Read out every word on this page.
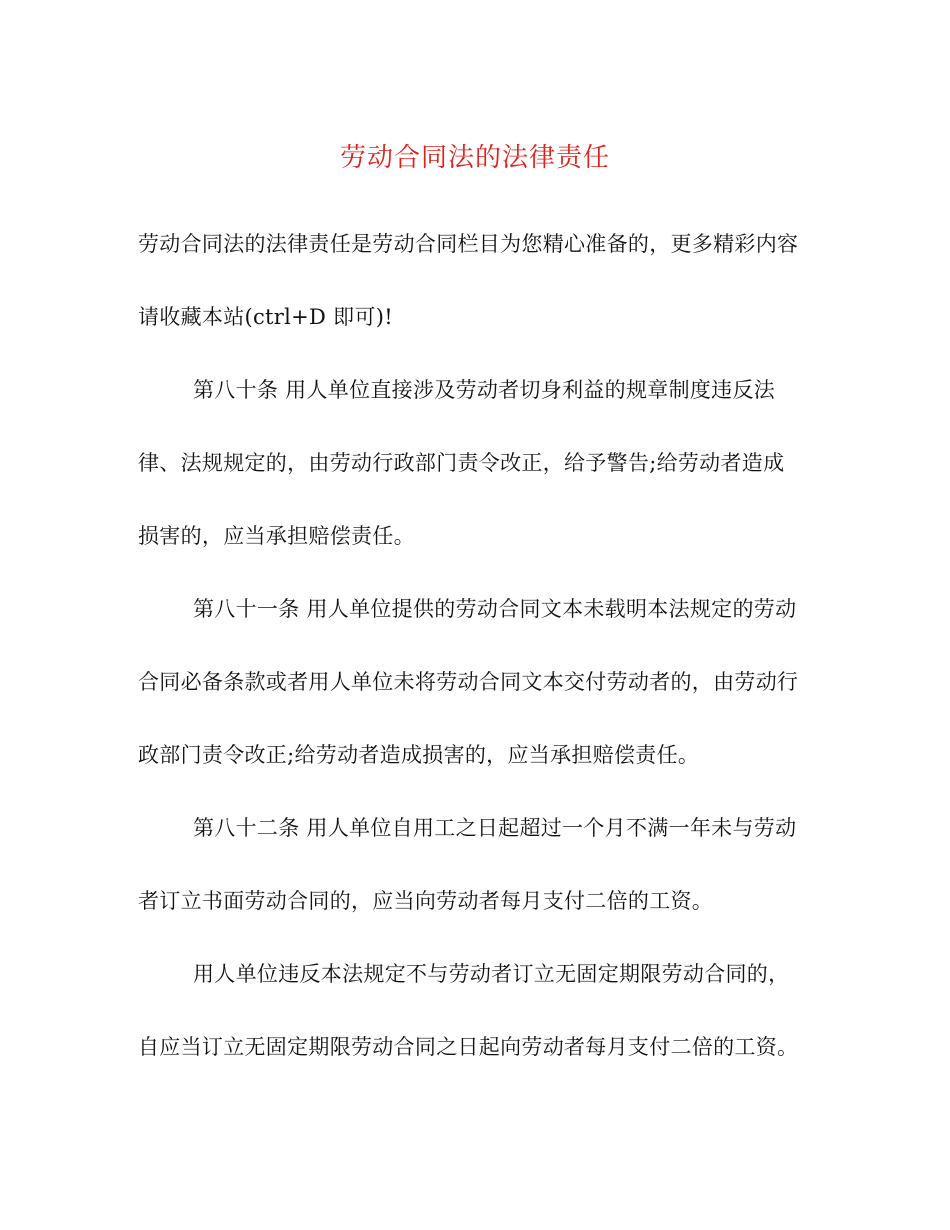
劳动合同法的法律责任
劳动合同法的法律责任是劳动合同栏目为您精心准备的，更多精彩内容
请收藏本站(ctrl+D 即可)!
第八十条 用人单位直接涉及劳动者切身利益的规章制度违反法
律、法规规定的，由劳动行政部门责令改正，给予警告;给劳动者造成
损害的，应当承担赔偿责任。
第八十一条 用人单位提供的劳动合同文本未载明本法规定的劳动
合同必备条款或者用人单位未将劳动合同文本交付劳动者的，由劳动行
政部门责令改正;给劳动者造成损害的，应当承担赔偿责任。
第八十二条 用人单位自用工之日起超过一个月不满一年未与劳动
者订立书面劳动合同的，应当向劳动者每月支付二倍的工资。
用人单位违反本法规定不与劳动者订立无固定期限劳动合同的，
自应当订立无固定期限劳动合同之日起向劳动者每月支付二倍的工资。
